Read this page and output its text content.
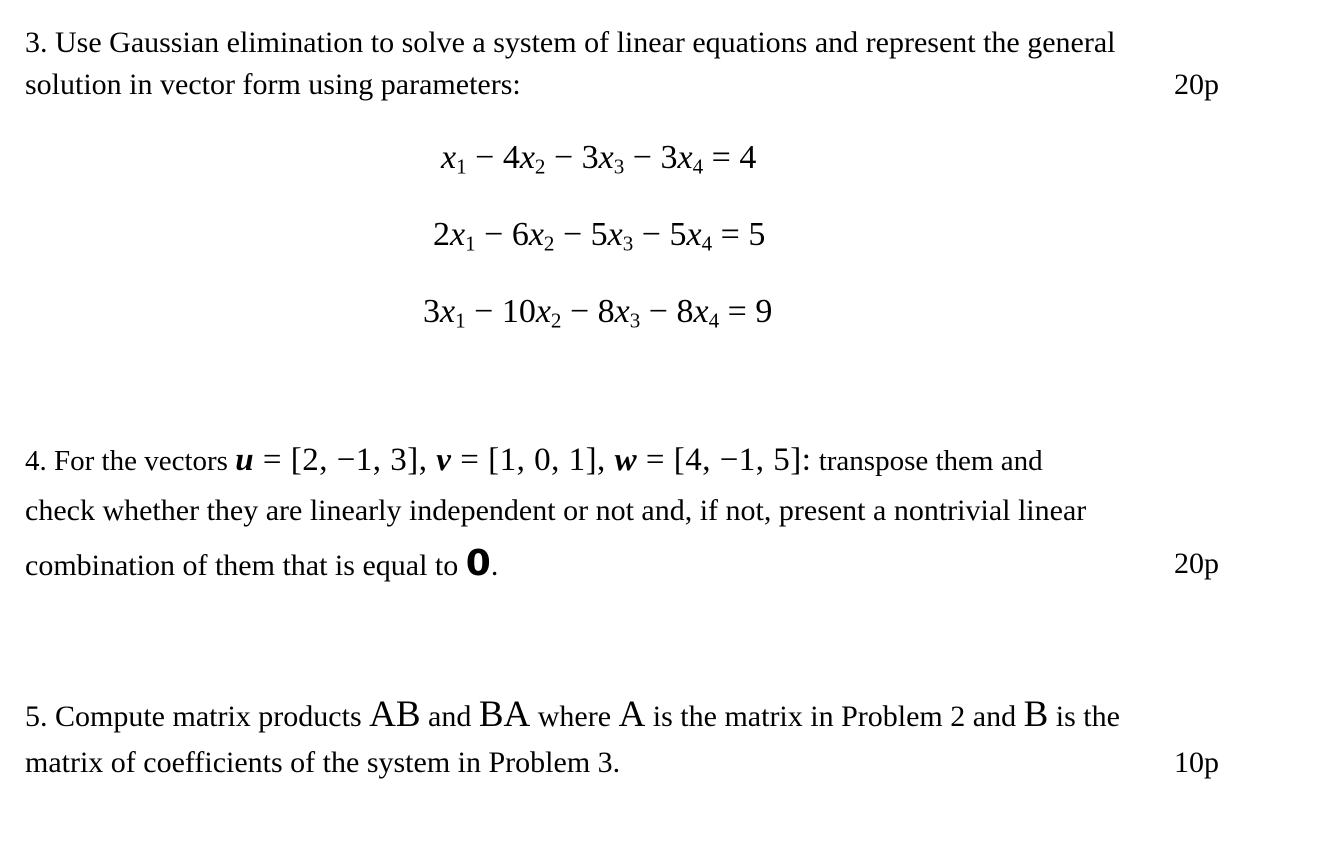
3. Use Gaussian elimination to solve a system of linear equations and represent the general
solution in vector form using parameters:	20p
$x_1 - 4x_2 - 3x_3 - 3x_4 = 4$
$2x_1 - 6x_2 - 5x_3 - 5x_4 = 5$
$3x_1 - 10x_2 - 8x_3 - 8x_4 = 9$
4. For the vectors u = [2, −1, 3], v = [1, 0, 1], w = [4, −1, 5]: transpose them and
check whether they are linearly independent or not and, if not, present a nontrivial linear
combination of them that is equal to 0.	20p
5. Compute matrix products AB and BA where A is the matrix in Problem 2 and B is the
matrix of coefficients of the system in Problem 3.	10p
